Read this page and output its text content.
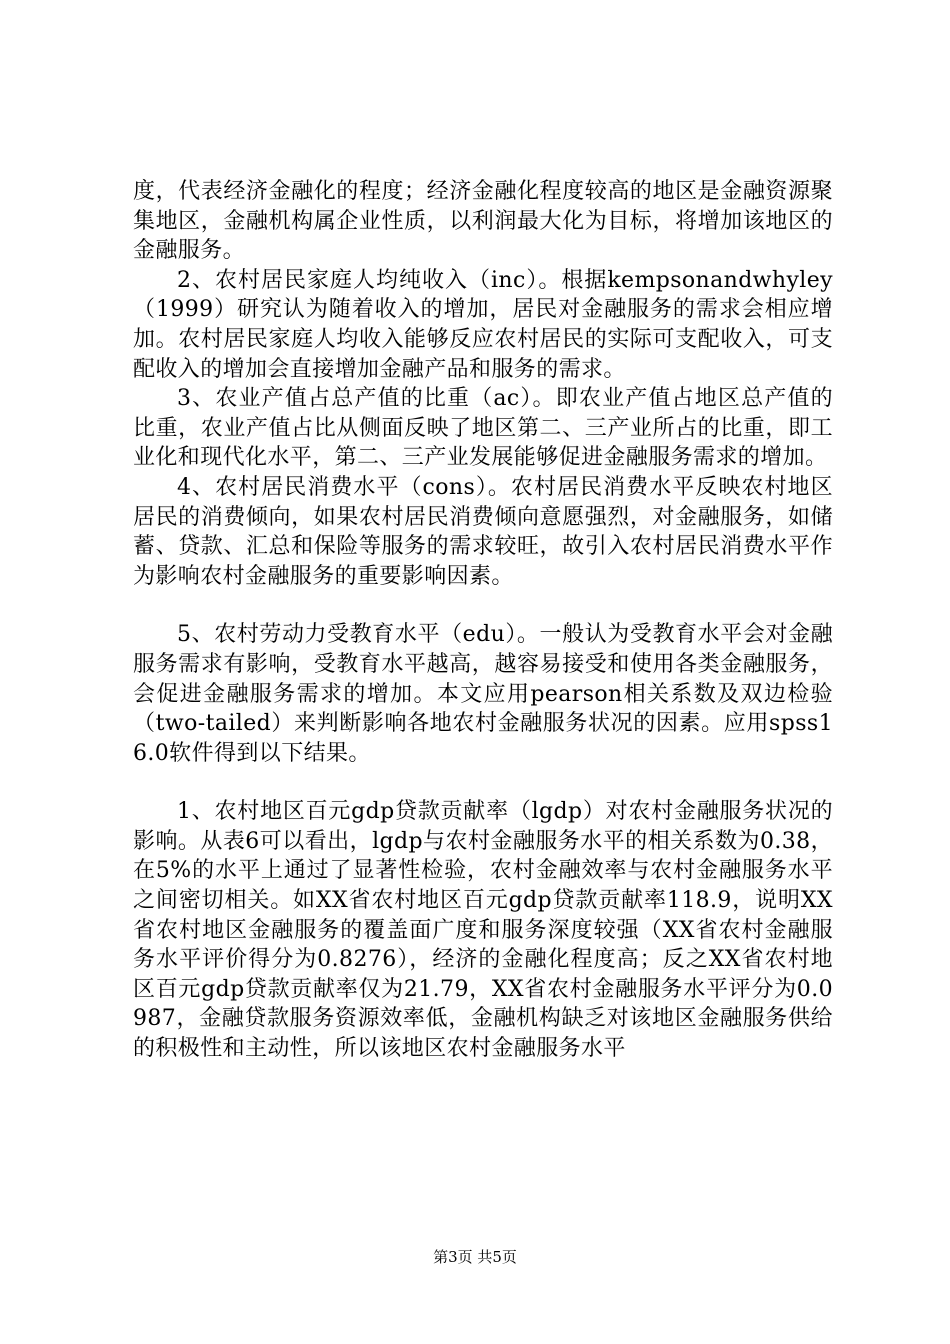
度，代表经济金融化的程度；经济金融化程度较高的地区是金融资源聚集地区，金融机构属企业性质，以利润最大化为目标，将增加该地区的金融服务。

2、农村居民家庭人均纯收入（inc）。根据kempsonandwhyley（1999）研究认为随着收入的增加，居民对金融服务的需求会相应增加。农村居民家庭人均收入能够反应农村居民的实际可支配收入，可支配收入的增加会直接增加金融产品和服务的需求。

3、农业产值占总产值的比重（ac）。即农业产值占地区总产值的比重，农业产值占比从侧面反映了地区第二、三产业所占的比重，即工业化和现代化水平，第二、三产业发展能够促进金融服务需求的增加。

4、农村居民消费水平（cons）。农村居民消费水平反映农村地区居民的消费倾向，如果农村居民消费倾向意愿强烈，对金融服务，如储蓄、贷款、汇总和保险等服务的需求较旺，故引入农村居民消费水平作为影响农村金融服务的重要影响因素。

5、农村劳动力受教育水平（edu）。一般认为受教育水平会对金融服务需求有影响，受教育水平越高，越容易接受和使用各类金融服务，会促进金融服务需求的增加。本文应用pearson相关系数及双边检验（two-tailed）来判断影响各地农村金融服务状况的因素。应用spss16.0软件得到以下结果。

1、农村地区百元gdp贷款贡献率（lgdp）对农村金融服务状况的影响。从表6可以看出，lgdp与农村金融服务水平的相关系数为0.38，在5%的水平上通过了显著性检验，农村金融效率与农村金融服务水平之间密切相关。如XX省农村地区百元gdp贷款贡献率118.9，说明XX省农村地区金融服务的覆盖面广度和服务深度较强（XX省农村金融服务水平评价得分为0.8276），经济的金融化程度高；反之XX省农村地区百元gdp贷款贡献率仅为21.79，XX省农村金融服务水平评分为0.0987，金融贷款服务资源效率低，金融机构缺乏对该地区金融服务供给的积极性和主动性，所以该地区农村金融服务水平

第3页 共5页
